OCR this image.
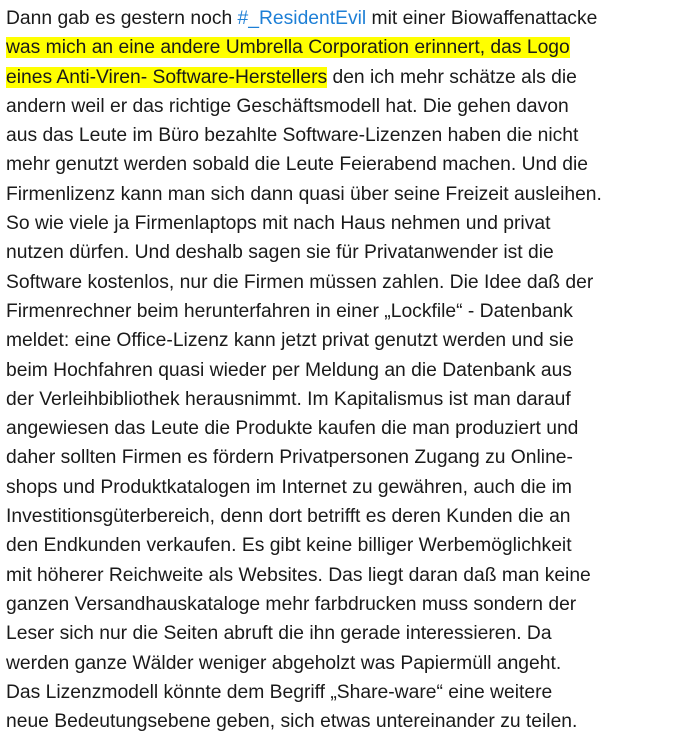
Dann gab es gestern noch #_ResidentEvil mit einer Biowaffenattacke
was mich an eine andere Umbrella Corporation erinnert, das Logo
eines Anti-Viren- Software-Herstellers den ich mehr schätze als die
andern weil er das richtige Geschäftsmodell hat. Die gehen davon
aus das Leute im Büro bezahlte Software-Lizenzen haben die nicht
mehr genutzt werden sobald die Leute Feierabend machen. Und die
Firmenlizenz kann man sich dann quasi über seine Freizeit ausleihen.
So wie viele ja Firmenlaptops mit nach Haus nehmen und privat
nutzen dürfen. Und deshalb sagen sie für Privatanwender ist die
Software kostenlos, nur die Firmen müssen zahlen. Die Idee daß der
Firmenrechner beim herunterfahren in einer „Lockfile“ - Datenbank
meldet: eine Office-Lizenz kann jetzt privat genutzt werden und sie
beim Hochfahren quasi wieder per Meldung an die Datenbank aus
der Verleihbibliothek herausnimmt. Im Kapitalismus ist man darauf
angewiesen das Leute die Produkte kaufen die man produziert und
daher sollten Firmen es fördern Privatpersonen Zugang zu Online-
shops und Produktkatalogen im Internet zu gewähren, auch die im
Investitionsgüterbereich, denn dort betrifft es deren Kunden die an
den Endkunden verkaufen. Es gibt keine billiger Werbemöglichkeit
mit höherer Reichweite als Websites. Das liegt daran daß man keine
ganzen Versandhauskataloge mehr farbdrucken muss sondern der
Leser sich nur die Seiten abruft die ihn gerade interessieren. Da
werden ganze Wälder weniger abgeholzt was Papiermüll angeht.
Das Lizenzmodell könnte dem Begriff „Share-ware“ eine weitere
neue Bedeutungsebene geben, sich etwas untereinander zu teilen.
